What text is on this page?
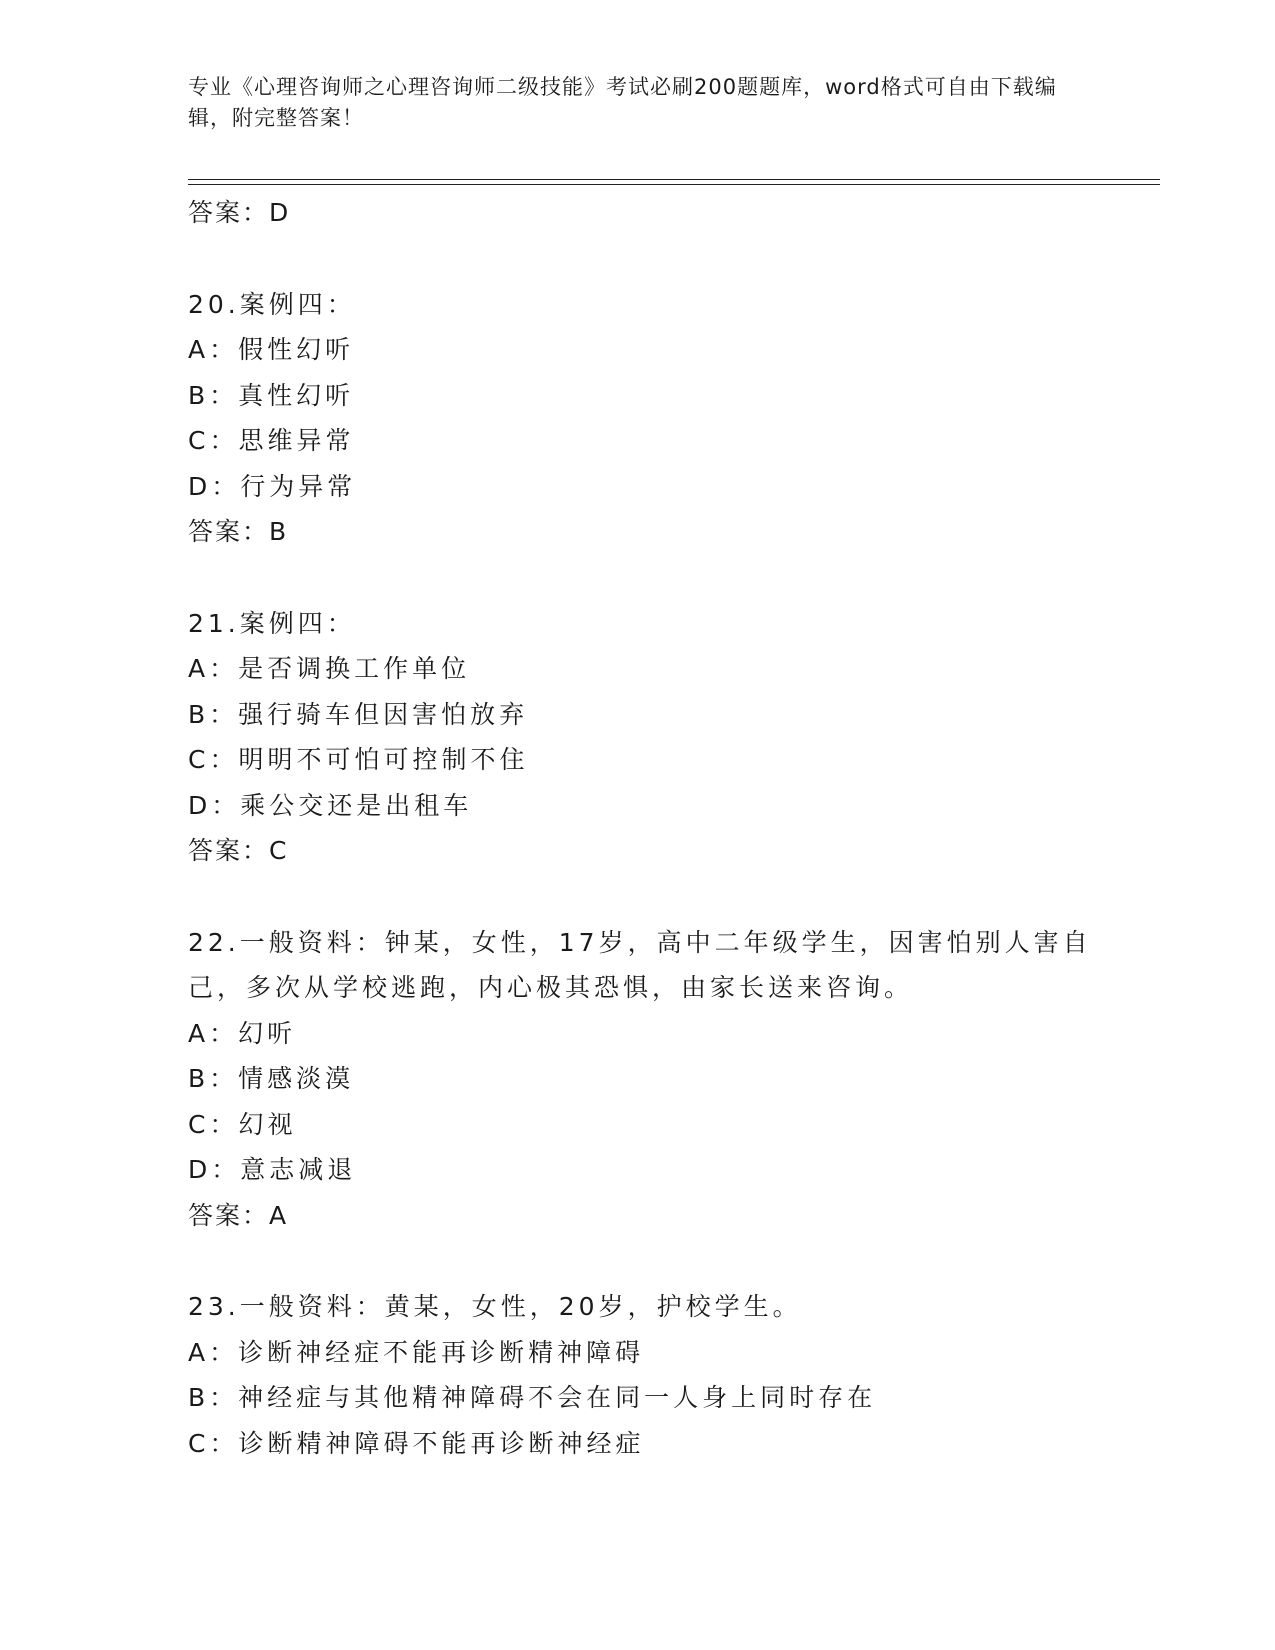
专业《心理咨询师之心理咨询师二级技能》考试必刷200题题库，word格式可自由下载编辑，附完整答案！
答案：D
20.案例四：
A：假性幻听
B：真性幻听
C：思维异常
D：行为异常
答案：B
21.案例四：
A：是否调换工作单位
B：强行骑车但因害怕放弃
C：明明不可怕可控制不住
D：乘公交还是出租车
答案：C
22.一般资料：钟某，女性，17岁，高中二年级学生，因害怕别人害自己，多次从学校逃跑，内心极其恐惧，由家长送来咨询。
A：幻听
B：情感淡漠
C：幻视
D：意志减退
答案：A
23.一般资料：黄某，女性，20岁，护校学生。
A：诊断神经症不能再诊断精神障碍
B：神经症与其他精神障碍不会在同一人身上同时存在
C：诊断精神障碍不能再诊断神经症
